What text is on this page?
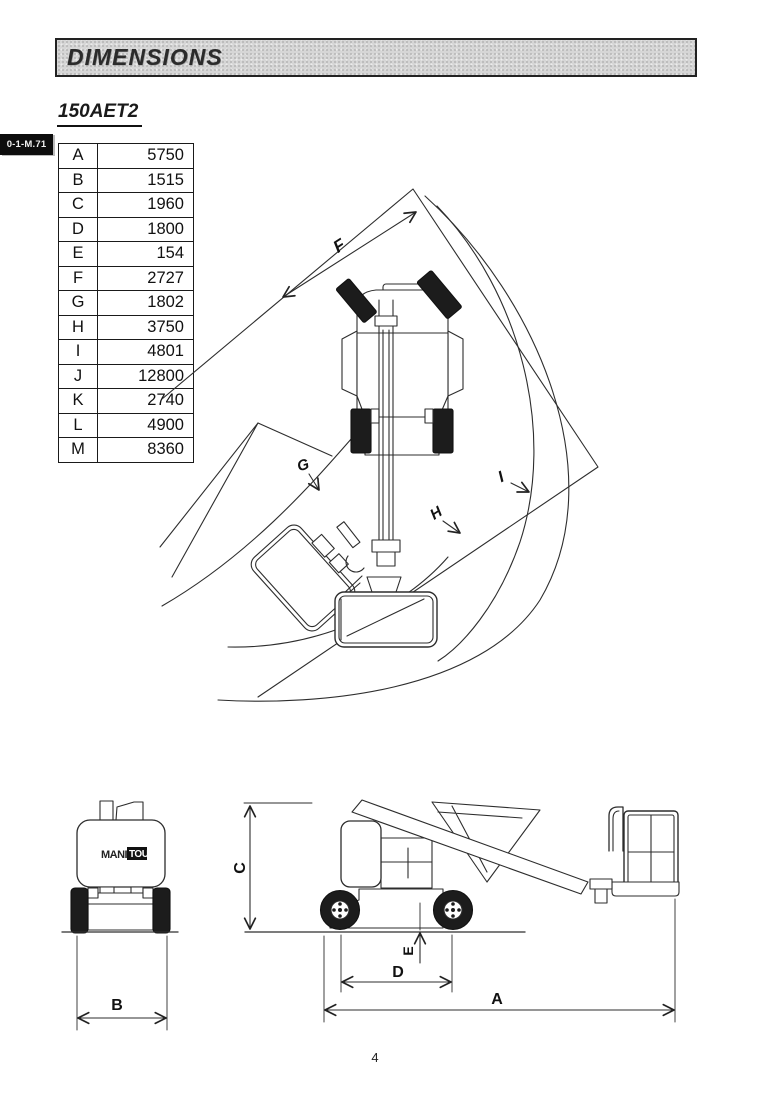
DIMENSIONS
150AET2
0-1-M.71
A	5750
B	1515
C	1960
D	1800
E	154
F	2727
G	1802
H	3750
I	4801
J	12800
K	2740
L	4900
M	8360
F
G
H
I
MANI TOU
B
C
E
D
A
4
